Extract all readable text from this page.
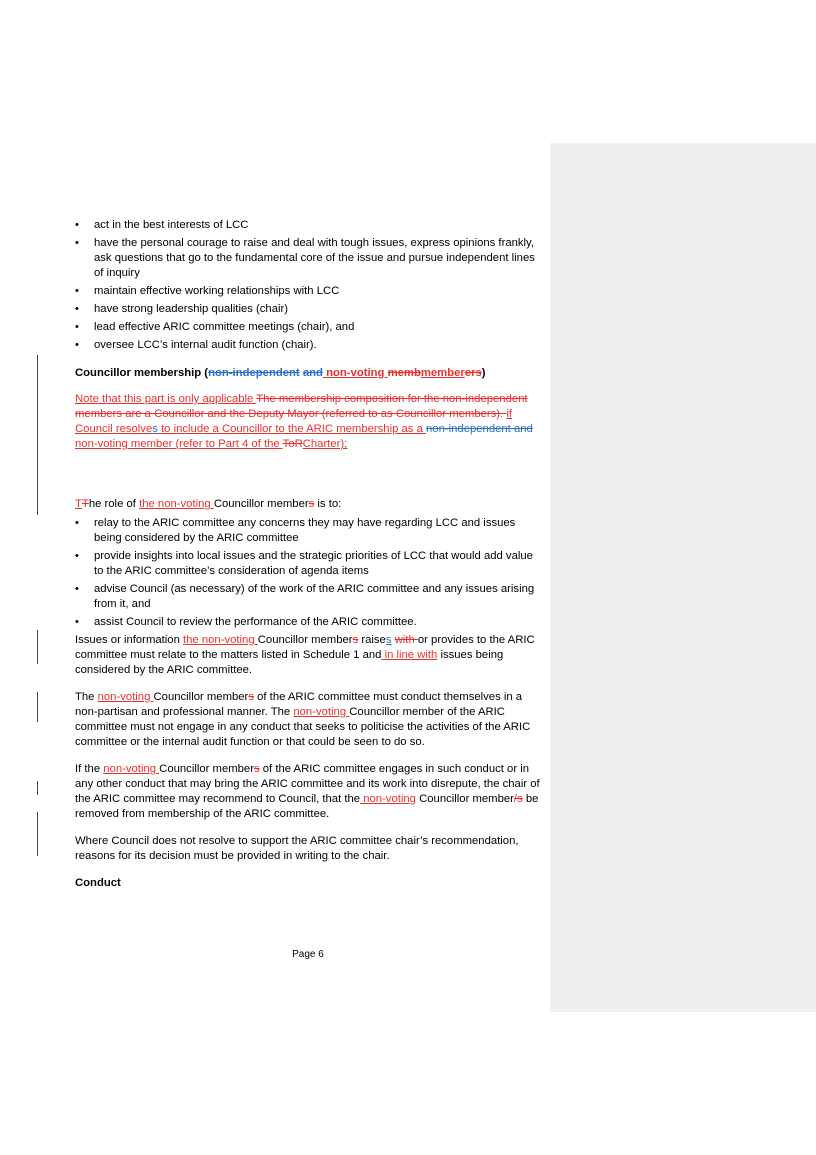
• act in the best interests of LCC
• have the personal courage to raise and deal with tough issues, express opinions frankly, ask questions that go to the fundamental core of the issue and pursue independent lines of inquiry
• maintain effective working relationships with LCC
• have strong leadership qualities (chair)
• lead effective ARIC committee meetings (chair), and
• oversee LCC’s internal audit function (chair).

Councillor membership (non-independent and non-voting membmemberers)

Note that this part is only applicable The membership composition for the non-independent members are a Councillor and the Deputy Mayor (referred to as Councillor members). if Council resolves to include a Councillor to the ARIC membership as a non-independent and non-voting member (refer to Part 4 of the ToRCharter);

TThe role of the non-voting Councillor members is to:

• relay to the ARIC committee any concerns they may have regarding LCC and issues being considered by the ARIC committee
• provide insights into local issues and the strategic priorities of LCC that would add value to the ARIC committee’s consideration of agenda items
• advise Council (as necessary) of the work of the ARIC committee and any issues arising from it, and
• assist Council to review the performance of the ARIC committee.

Issues or information the non-voting Councillor members raises with or provides to the ARIC committee must relate to the matters listed in Schedule 1 and in line with issues being considered by the ARIC committee.

The non-voting Councillor members of the ARIC committee must conduct themselves in a non-partisan and professional manner. The non-voting Councillor member of the ARIC committee must not engage in any conduct that seeks to politicise the activities of the ARIC committee or the internal audit function or that could be seen to do so.

If the non-voting Councillor members of the ARIC committee engages in such conduct or in any other conduct that may bring the ARIC committee and its work into disrepute, the chair of the ARIC committee may recommend to Council, that the non-voting Councillor member/s be removed from membership of the ARIC committee.

Where Council does not resolve to support the ARIC committee chair’s recommendation, reasons for its decision must be provided in writing to the chair.

Conduct

Page 6
